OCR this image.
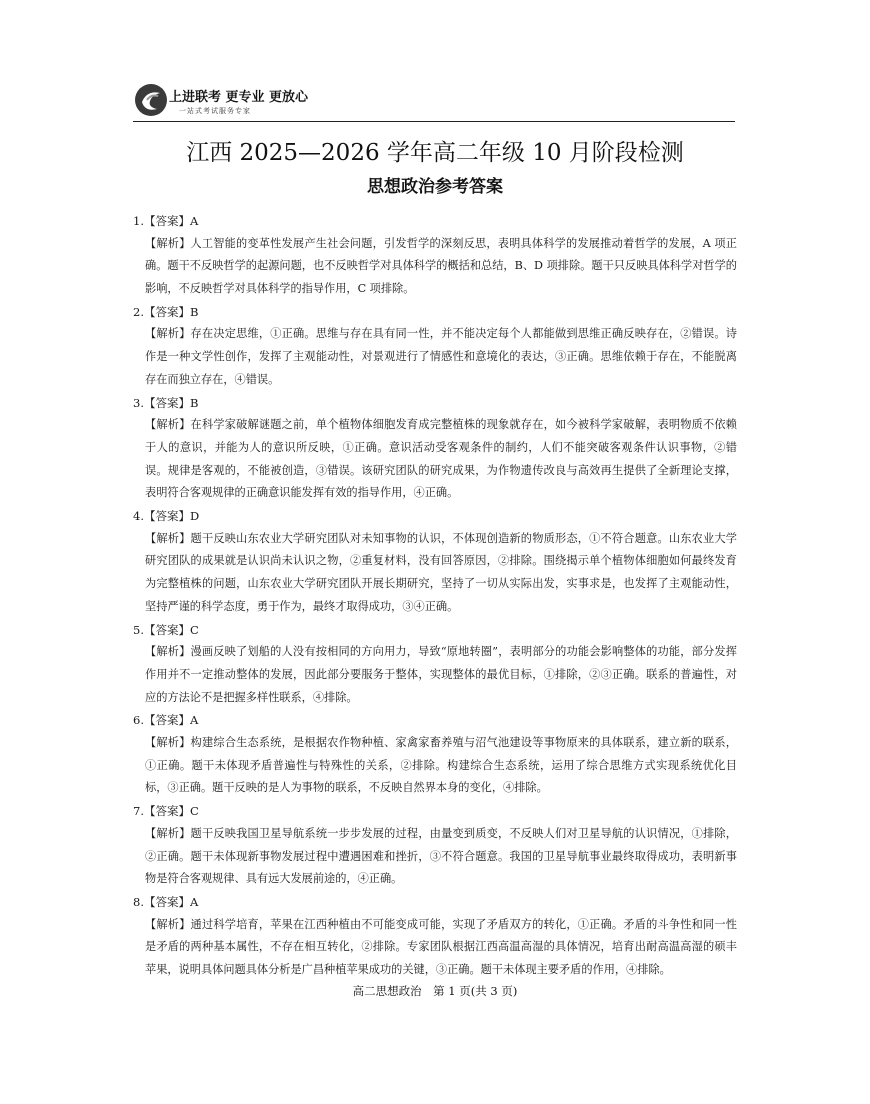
上进联考 更专业 更放心
一站式考试服务专家
江西 2025—2026 学年高二年级 10 月阶段检测
思想政治参考答案
1.【答案】A
【解析】人工智能的变革性发展产生社会问题，引发哲学的深刻反思，表明具体科学的发展推动着哲学的发展，A 项正确。题干不反映哲学的起源问题，也不反映哲学对具体科学的概括和总结，B、D 项排除。题干只反映具体科学对哲学的影响，不反映哲学对具体科学的指导作用，C 项排除。
2.【答案】B
【解析】存在决定思维，①正确。思维与存在具有同一性，并不能决定每个人都能做到思维正确反映存在，②错误。诗作是一种文学性创作，发挥了主观能动性，对景观进行了情感性和意境化的表达，③正确。思维依赖于存在，不能脱离存在而独立存在，④错误。
3.【答案】B
【解析】在科学家破解谜题之前，单个植物体细胞发育成完整植株的现象就存在，如今被科学家破解，表明物质不依赖于人的意识，并能为人的意识所反映，①正确。意识活动受客观条件的制约，人们不能突破客观条件认识事物，②错误。规律是客观的，不能被创造，③错误。该研究团队的研究成果，为作物遗传改良与高效再生提供了全新理论支撑，表明符合客观规律的正确意识能发挥有效的指导作用，④正确。
4.【答案】D
【解析】题干反映山东农业大学研究团队对未知事物的认识，不体现创造新的物质形态，①不符合题意。山东农业大学研究团队的成果就是认识尚未认识之物，②重复材料，没有回答原因，②排除。围绕揭示单个植物体细胞如何最终发育为完整植株的问题，山东农业大学研究团队开展长期研究，坚持了一切从实际出发，实事求是，也发挥了主观能动性，坚持严谨的科学态度，勇于作为，最终才取得成功，③④正确。
5.【答案】C
【解析】漫画反映了划船的人没有按相同的方向用力，导致“原地转圈”，表明部分的功能会影响整体的功能，部分发挥作用并不一定推动整体的发展，因此部分要服务于整体，实现整体的最优目标，①排除，②③正确。联系的普遍性，对应的方法论不是把握多样性联系，④排除。
6.【答案】A
【解析】构建综合生态系统，是根据农作物种植、家禽家畜养殖与沼气池建设等事物原来的具体联系，建立新的联系，①正确。题干未体现矛盾普遍性与特殊性的关系，②排除。构建综合生态系统，运用了综合思维方式实现系统优化目标，③正确。题干反映的是人为事物的联系，不反映自然界本身的变化，④排除。
7.【答案】C
【解析】题干反映我国卫星导航系统一步步发展的过程，由量变到质变，不反映人们对卫星导航的认识情况，①排除，②正确。题干未体现新事物发展过程中遭遇困难和挫折，③不符合题意。我国的卫星导航事业最终取得成功，表明新事物是符合客观规律、具有远大发展前途的，④正确。
8.【答案】A
【解析】通过科学培育，苹果在江西种植由不可能变成可能，实现了矛盾双方的转化，①正确。矛盾的斗争性和同一性是矛盾的两种基本属性，不存在相互转化，②排除。专家团队根据江西高温高湿的具体情况，培育出耐高温高湿的硕丰苹果，说明具体问题具体分析是广昌种植苹果成功的关键，③正确。题干未体现主要矛盾的作用，④排除。
高二思想政治　第 1 页(共 3 页)
